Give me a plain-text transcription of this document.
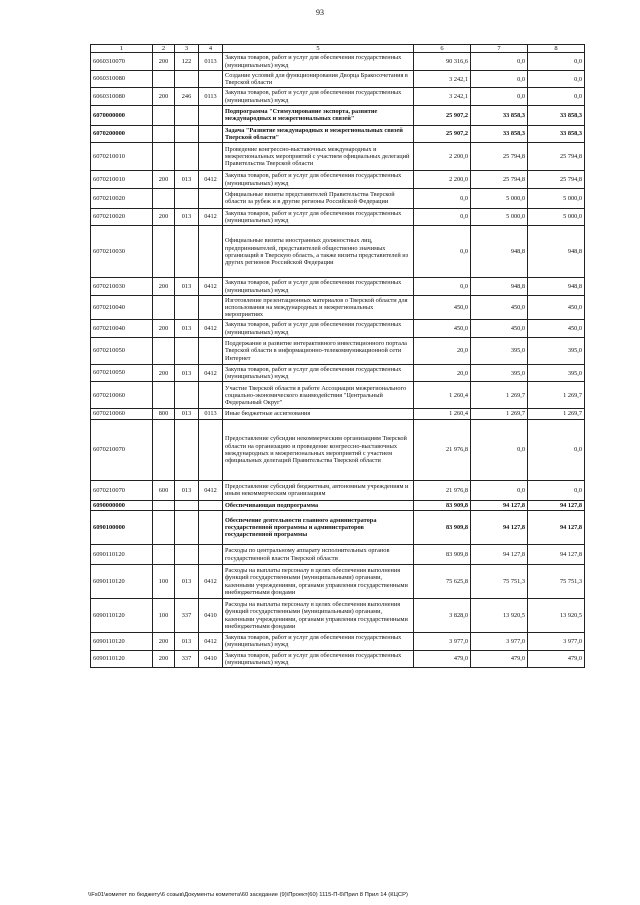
93
1	2	3	4	5	6	7	8
6060310070	200	122	0113	Закупка товаров, работ и услуг для обеспечения государственных (муниципальных) нужд	90 316,6	0,0	0,0
6060310080				Создание условий для функционирования Дворца Бракосочетания в Тверской области	3 242,1	0,0	0,0
6060310080	200	246	0113	Закупка товаров, работ и услуг для обеспечения государственных (муниципальных) нужд	3 242,1	0,0	0,0
6070000000				Подпрограмма "Стимулирование экспорта, развитие международных и межрегиональных связей"	25 907,2	33 858,3	33 858,3
6070200000				Задача "Развитие международных и межрегиональных связей Тверской области"	25 907,2	33 858,3	33 858,3
6070210010				Проведение конгрессно-выставочных международных и межрегиональных мероприятий с участием официальных делегаций Правительства Тверской области	2 200,0	25 794,8	25 794,8
6070210010	200	013	0412	Закупка товаров, работ и услуг для обеспечения государственных (муниципальных) нужд	2 200,0	25 794,8	25 794,8
6070210020				Официальные визиты представителей Правительства Тверской области за рубеж и в другие регионы Российской Федерации	0,0	5 000,0	5 000,0
6070210020	200	013	0412	Закупка товаров, работ и услуг для обеспечения государственных (муниципальных) нужд	0,0	5 000,0	5 000,0
6070210030				Официальные визиты иностранных должностных лиц, предпринимателей, представителей общественно значимых организаций в Тверскую область, а также визиты представителей из других регионов Российской Федерации	0,0	948,8	948,8
6070210030	200	013	0412	Закупка товаров, работ и услуг для обеспечения государственных (муниципальных) нужд	0,0	948,8	948,8
6070210040				Изготовление презентационных материалов о Тверской области для использования на международных и межрегиональных мероприятиях	450,0	450,0	450,0
6070210040	200	013	0412	Закупка товаров, работ и услуг для обеспечения государственных (муниципальных) нужд	450,0	450,0	450,0
6070210050				Поддержание и развитие интерактивного инвестиционного портала Тверской области в информационно-телекоммуникационной сети Интернет	20,0	395,0	395,0
6070210050	200	013	0412	Закупка товаров, работ и услуг для обеспечения государственных (муниципальных) нужд	20,0	395,0	395,0
6070210060				Участие Тверской области в работе Ассоциации межрегионального социально-экономического взаимодействия "Центральный Федеральный Округ"	1 260,4	1 269,7	1 269,7
6070210060	800	013	0113	Иные бюджетные ассигнования	1 260,4	1 269,7	1 269,7
6070210070				Предоставление субсидии некоммерческим организациям Тверской области на организацию и проведение конгрессно-выставочных международных и межрегиональных мероприятий с участием официальных делегаций Правительства Тверской области	21 976,8	0,0	0,0
6070210070	600	013	0412	Предоставление субсидий бюджетным, автономным учреждениям и иным некоммерческим организациям	21 976,8	0,0	0,0
6090000000				Обеспечивающая подпрограмма	83 909,8	94 127,8	94 127,8
6090100000				Обеспечение деятельности главного администратора государственной программы и администраторов государственной программы	83 909,8	94 127,8	94 127,8
6090110120				Расходы по центральному аппарату исполнительных органов государственной власти Тверской области	83 909,8	94 127,8	94 127,8
6090110120	100	013	0412	Расходы на выплаты персоналу в целях обеспечения выполнения функций государственными (муниципальными) органами, казенными учреждениями, органами управления государственными внебюджетными фондами	75 625,8	75 751,3	75 751,3
6090110120	100	337	0410	Расходы на выплаты персоналу в целях обеспечения выполнения функций государственными (муниципальными) органами, казенными учреждениями, органами управления государственными внебюджетными фондами	3 828,0	13 920,5	13 920,5
6090110120	200	013	0412	Закупка товаров, работ и услуг для обеспечения государственных (муниципальных) нужд	3 977,0	3 977,0	3 977,0
6090110120	200	337	0410	Закупка товаров, работ и услуг для обеспечения государственных (муниципальных) нужд	479,0	479,0	479,0
\\Fs01\комитет по бюджету\6 созыв\Документы комитета\60 заседание (9)\Проект(60) 1115-П-6\Прил 8 Прил 14 (КЦСР)
